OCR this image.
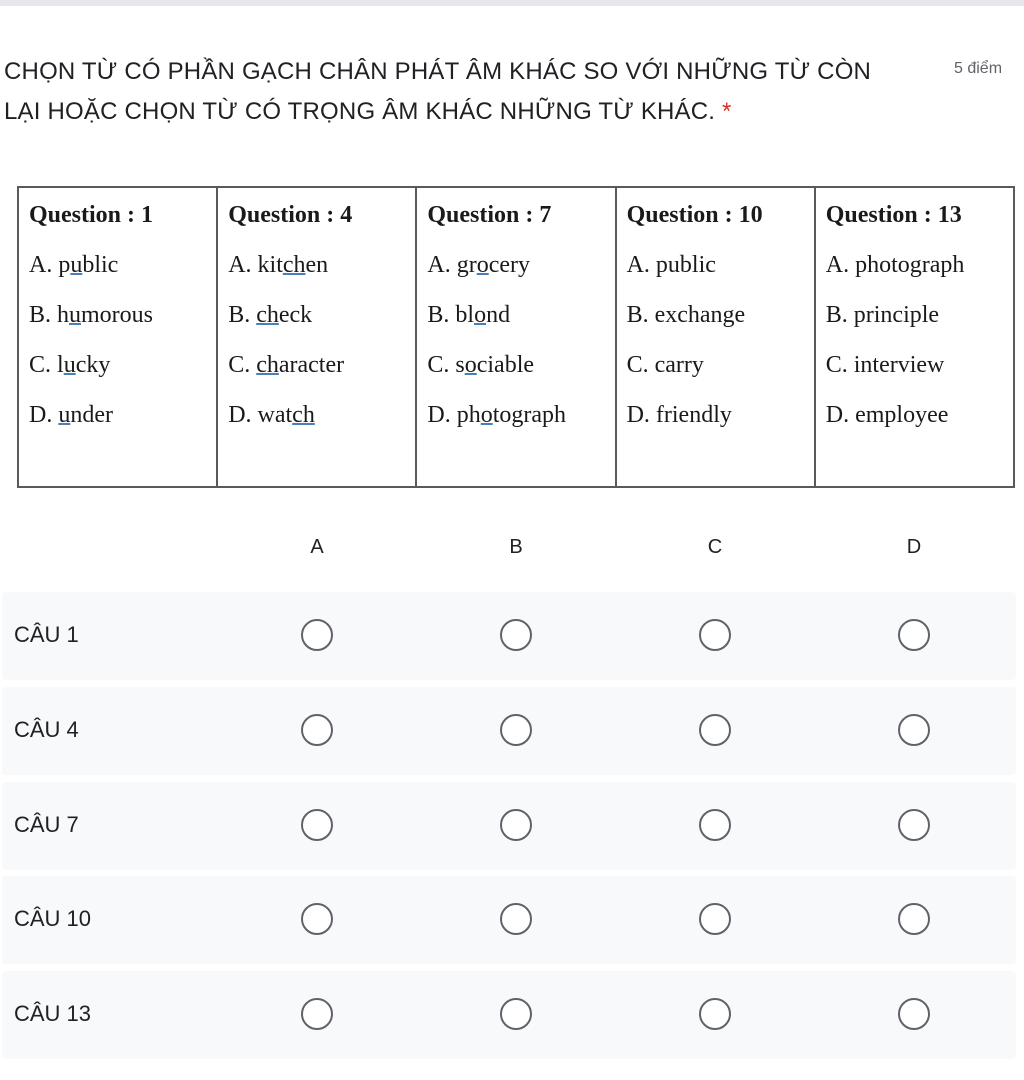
CHỌN TỪ CÓ PHẦN GẠCH CHÂN PHÁT ÂM KHÁC SO VỚI NHỮNG TỪ CÒN
LẠI HOẶC CHỌN TỪ CÓ TRỌNG ÂM KHÁC NHỮNG TỪ KHÁC. *
5 điểm
Question : 1
A. public
B. humorous
C. lucky
D. under

Question : 4
A. kitchen
B. check
C. character
D. watch

Question : 7
A. grocery
B. blond
C. sociable
D. photograph

Question : 10
A. public
B. exchange
C. carry
D. friendly

Question : 13
A. photograph
B. principle
C. interview
D. employee
A	B	C	D
CÂU 1
CÂU 4
CÂU 7
CÂU 10
CÂU 13
